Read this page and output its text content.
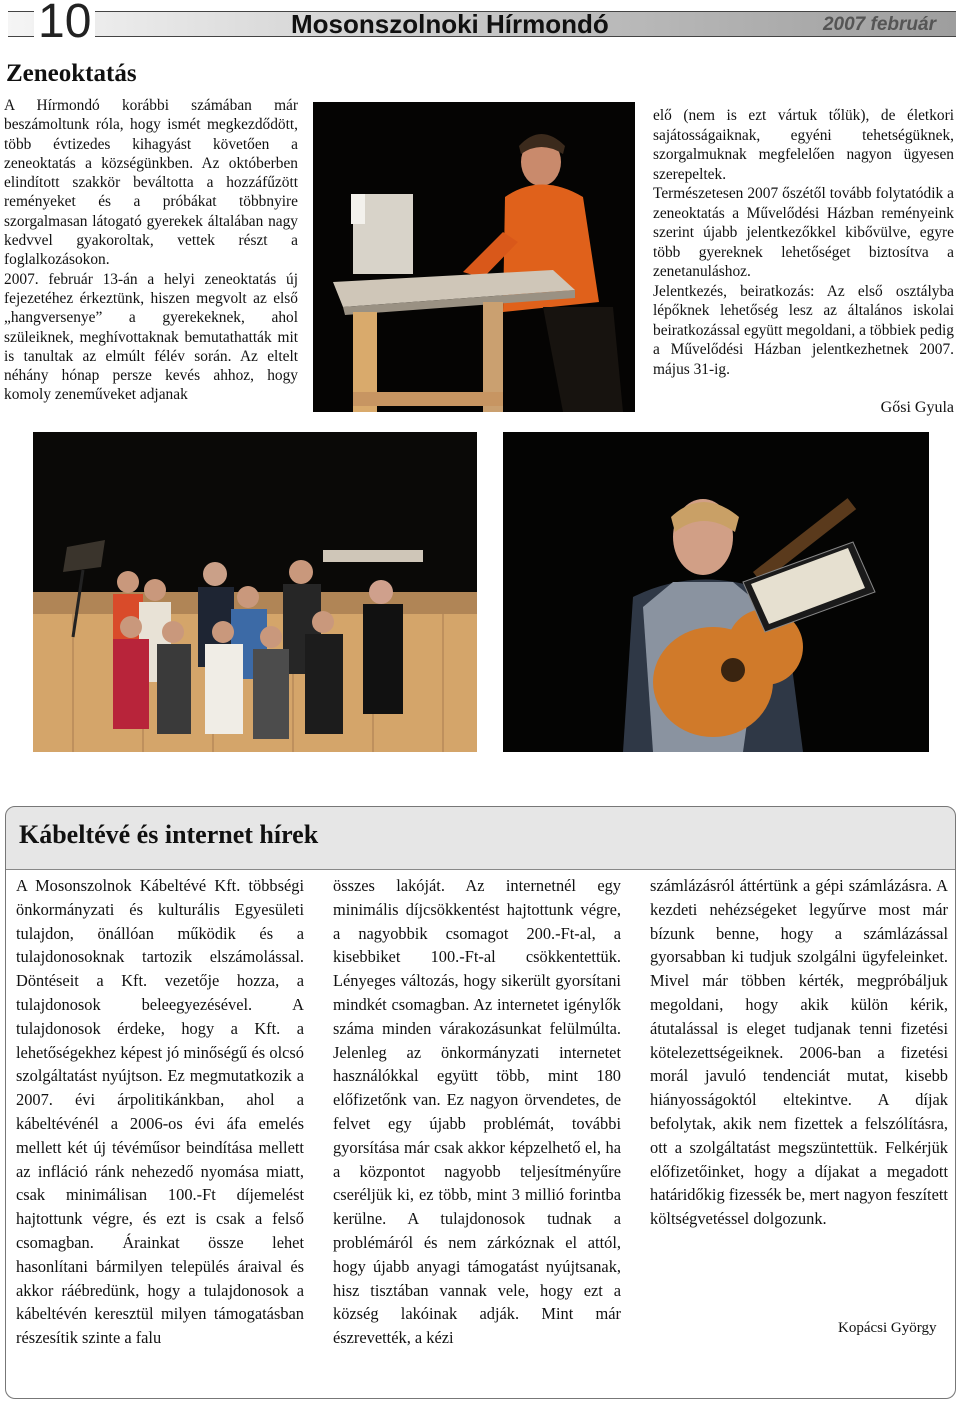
10	Mosonszolnoki Hírmondó	2007 február
Zeneoktatás

A Hírmondó korábbi számában már beszámoltunk róla, hogy ismét megkezdődött, több évtizedes kihagyást követően a zeneoktatás a községünkben. Az októberben elindított szakkör beváltotta a hozzáfűzött reményeket és a próbákat többnyire szorgalmasan látogató gyerekek általában nagy kedvvel gyakoroltak, vettek részt a foglalkozásokon.

2007. február 13-án a helyi zeneoktatás új fejezetéhez érkeztünk, hiszen megvolt az első „hangversenye” a gyerekeknek, ahol szüleiknek, meghívottaknak bemutathatták mit is tanultak az elmúlt félév során. Az eltelt néhány hónap persze kevés ahhoz, hogy komoly zeneműveket adjanak

elő (nem is ezt vártuk tőlük), de életkori sajátosságaiknak, egyéni tehetségüknek, szorgalmuknak megfelelően nagyon ügyesen szerepeltek.

Természetesen 2007 őszétől tovább folytatódik a zeneoktatás a Művelődési Házban reményeink szerint újabb jelentkezőkkel kibővülve, egyre több gyereknek lehetőséget biztosítva a zenetanuláshoz.

Jelentkezés, beiratkozás: Az első osztályba lépőknek lehetőség lesz az általános iskolai beiratkozással együtt megoldani, a többiek pedig a Művelődési Házban jelentkezhetnek 2007. május 31-ig.

Gősi Gyula
Kábeltévé és internet hírek
A Mosonszolnok Kábeltévé Kft. többségi önkormányzati és kulturális Egyesületi tulajdon, önállóan működik és a tulajdonosoknak tartozik elszámolással. Döntéseit a Kft. vezetője hozza, a tulajdonosok beleegyezésével. A tulajdonosok érdeke, hogy a Kft. a lehetőségekhez képest jó minőségű és olcsó szolgáltatást nyújtson. Ez megmutatkozik a 2007. évi árpolitikánkban, ahol a kábeltévénél a 2006-os évi áfa emelés mellett két új tévéműsor beindítása mellett az infláció ránk nehezedő nyomása miatt, csak minimálisan 100.-Ft díjemelést hajtottunk végre, és ezt is csak a felső csomagban. Árainkat össze lehet hasonlítani bármilyen település áraival és akkor ráébredünk, hogy a tulajdonosok a kábeltévén keresztül milyen támogatásban részesítik szinte a falu
összes lakóját. Az internetnél egy minimális díjcsökkentést hajtottunk végre, a nagyobbik csomagot 200.-Ft-al, a kisebbiket 100.-Ft-al csökkentettük. Lényeges változás, hogy sikerült gyorsítani mindkét csomagban. Az internetet igénylők száma minden várakozásunkat felülmúlta. Jelenleg az önkormányzati internetet használókkal együtt több, mint 180 előfizetőnk van. Ez nagyon örvendetes, de felvet egy újabb problémát, további gyorsítása már csak akkor képzelhető el, ha a központot nagyobb teljesítményűre cseréljük ki, ez több, mint 3 millió forintba kerülne. A tulajdonosok tudnak a problémáról és nem zárkóznak el attól, hogy újabb anyagi támogatást nyújtsanak, hisz tisztában vannak vele, hogy ezt a község lakóinak adják. Mint már észrevették, a kézi
számlázásról áttértünk a gépi számlázásra. A kezdeti nehézségeket legyűrve most már bízunk benne, hogy a számlázással gyorsabban ki tudjuk szolgálni ügyfeleinket. Mivel már többen kérték, megpróbáljuk megoldani, hogy akik külön kérik, átutalással is eleget tudjanak tenni fizetési kötelezettségeiknek. 2006-ban a fizetési morál javuló tendenciát mutat, kisebb hiányosságoktól eltekintve. A díjak befolytak, akik nem fizettek a felszólításra, ott a szolgáltatást megszüntettük. Felkérjük előfizetőinket, hogy a díjakat a megadott határidőkig fizessék be, mert nagyon feszített költségvetéssel dolgozunk.
Kopácsi György
